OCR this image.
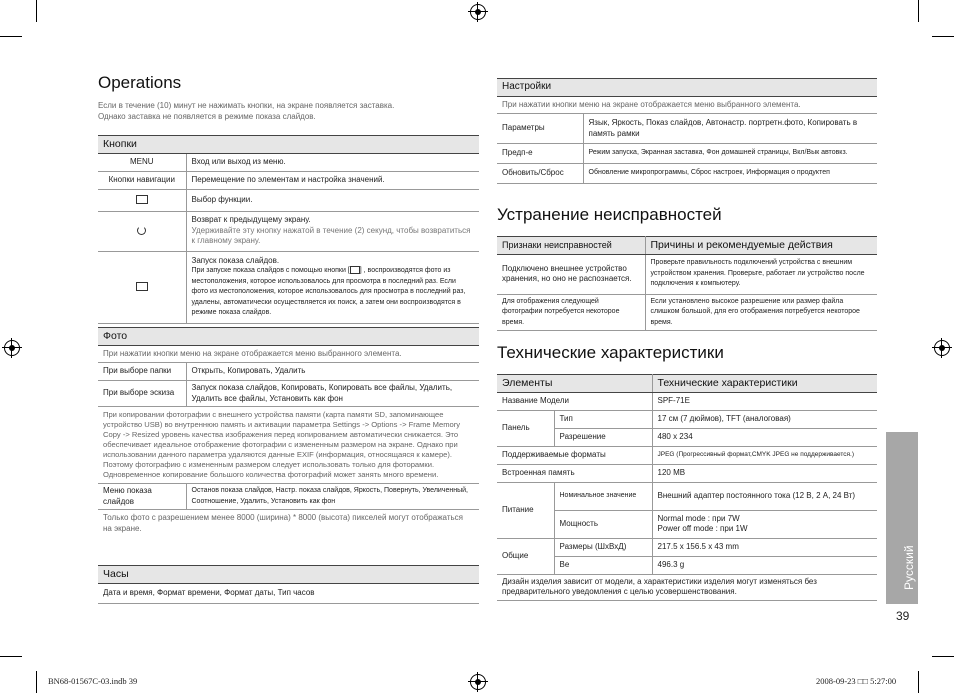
Operations
Если в течение (10) минут не нажимать кнопки, на экране появляется заставка.
Однако заставка не появляется в режиме показа слайдов.
Кнопки	
MENU	Вход или выход из меню.
Кнопки навигации	Перемещение по элементам и настройка значений.
	Выбор функции.

	Возврат к предыдущему экрану.
Удерживайте эту кнопку нажатой в течение (2) секунд, чтобы возвратиться к главному экрану.

	Запуск показа слайдов.
При запуске показа слайдов с помощью кнопки [ ] , воспроизводятся фото из местоположения, которое использовалось для просмотра в последний раз. Если фото из местоположения, которое использовалось для просмотра в последний раз, удалены, автоматически осуществляется их поиск, а затем они воспроизводятся в режиме показа слайдов.
Фото	
При нажатии кнопки меню на экране отображается меню выбранного элемента.	
При выборе папки	Открыть, Копировать, Удалить
При выборе эскиза	Запуск показа слайдов, Копировать, Копировать все файлы, Удалить, Удалить все файлы, Установить как фон
При копировании фотографии с внешнего устройства памяти (карта памяти SD, запоминающее устройство USB) во внутреннюю память и активации параметра Settings -> Options -> Frame Memory Copy -> Resized уровень качества изображения перед копированием автоматически снижается. Это обеспечивает идеальное отображение фотографии с измененным размером на экране. Однако при использовании данного параметра удаляются данные EXIF (информация, относящаяся к камере). Поэтому фотографию с измененным размером следует использовать только для фоторамки. Одновременное копирование большого количества фотографий может занять много времени.	
Меню показа слайдов	Останов показа слайдов, Настр. показа слайдов, Яркость, Повернуть, Увеличенный, Соотношение, Удалить, Установить как фон
Только фото с разрешением менее 8000 (ширина) * 8000 (высота) пикселей могут отображаться на экране.	
Часы
Дата и время, Формат времени, Формат даты, Тип часов
Настройки	
При нажатии кнопки меню на экране отображается меню выбранного элемента.	
Параметры	Язык, Яркость, Показ слайдов, Автонастр. портретн.фото, Копировать в память рамки
Предп-е	Режим запуска, Экранная заставка, Фон домашней страницы, Вкл/Вык автовкз.
Обновить/Сброс	Обновление микропрограммы, Сброс настроек, Информация о продуктеп
Устранение неисправностей
Признаки неисправностей	Причины и рекомендуемые действия
Подключено внешнее устройство хранения, но оно не распознается.	Проверьте правильность подключений устройства с внешним устройством хранения. Проверьте, работает ли устройство после подключения к компьютеру.
Для отображения следующей фотографии потребуется некоторое время.	Если установлено высокое разрешение или размер файла слишком большой, для его отображения потребуется некоторое время.
Технические характеристики
Элементы		Технические характеристики
Название Модели		SPF-71E
Панель	Тип	17 см (7 дюймов), TFT (аналоговая)
	Разрешение	480 x 234
Поддерживаемые форматы		JPEG (Прогрессивный формат,CMYK JPEG не поддерживается.)
Встроенная память		120 MB
Питание	Номинальное значение	Внешний адаптер постоянного тока (12 В, 2 А, 24 Вт)
	Мощность	Normal mode : при 7W
Power off mode : при 1W

Общие	Размеры (ШxВxД)	217.5 x 156.5 x 43 mm
	Ве	496.3 g
Дизайн изделия зависит от модели, а характеристики изделия могут изменяться без предварительного уведомления с целью усовершенствования.		
Русский
39
BN68-01567C-03.indb 39	2008-09-23 □□ 5:27:00
